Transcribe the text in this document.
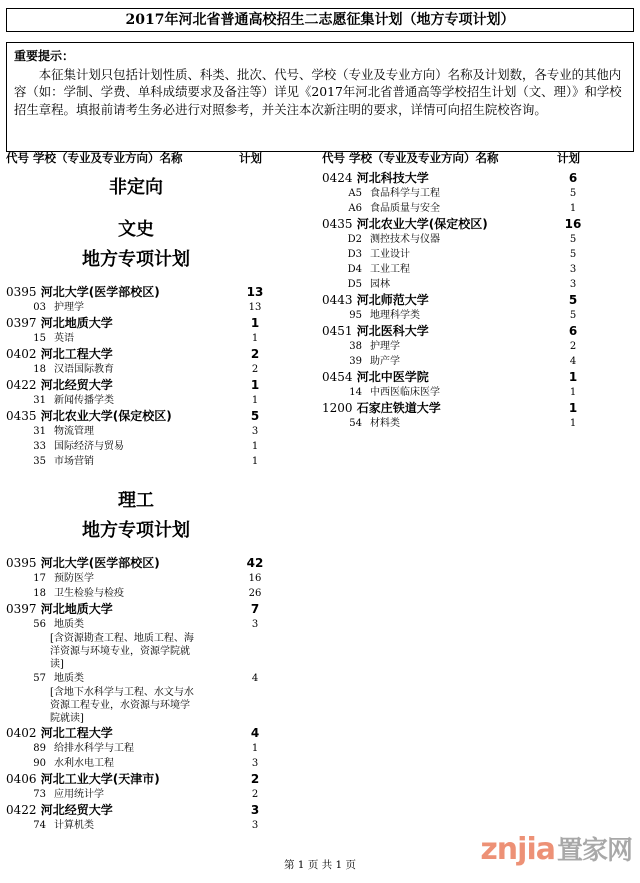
2017年河北省普通高校招生二志愿征集计划（地方专项计划）
重要提示：
本征集计划只包括计划性质、科类、批次、代号、学校（专业及专业方向）名称及计划数，各专业的其他内容（如：学制、学费、单科成绩要求及备注等）详见《2017年河北省普通高等学校招生计划（文、理）》和学校招生章程。填报前请考生务必进行对照参考，并关注本次新注明的要求，详情可向招生院校咨询。
代号 学校（专业及专业方向）名称	计划
非定向
文史
地方专项计划
0395 河北大学(医学部校区)	13
03 护理学	13
0397 河北地质大学	1
15 英语	1
0402 河北工程大学	2
18 汉语国际教育	2
0422 河北经贸大学	1
31 新闻传播学类	1
0435 河北农业大学(保定校区)	5
31 物流管理	3
33 国际经济与贸易	1
35 市场营销	1
理工
地方专项计划
0395 河北大学(医学部校区)	42
17 预防医学	16
18 卫生检验与检疫	26
0397 河北地质大学	7
56 地质类	3
[含资源勘查工程、地质工程、海洋资源与环境专业，资源学院就读]
57 地质类	4
[含地下水科学与工程、水文与水资源工程专业，水资源与环境学院就读]
0402 河北工程大学	4
89 给排水科学与工程	1
90 水利水电工程	3
0406 河北工业大学(天津市)	2
73 应用统计学	2
0422 河北经贸大学	3
74 计算机类	3
代号 学校（专业及专业方向）名称	计划
0424 河北科技大学	6
A5 食品科学与工程	5
A6 食品质量与安全	1
0435 河北农业大学(保定校区)	16
D2 测控技术与仪器	5
D3 工业设计	5
D4 工业工程	3
D5 园林	3
0443 河北师范大学	5
95 地理科学类	5
0451 河北医科大学	6
38 护理学	2
39 助产学	4
0454 河北中医学院	1
14 中西医临床医学	1
1200 石家庄铁道大学	1
54 材料类	1
第 1 页 共 1 页	znjia置家网
